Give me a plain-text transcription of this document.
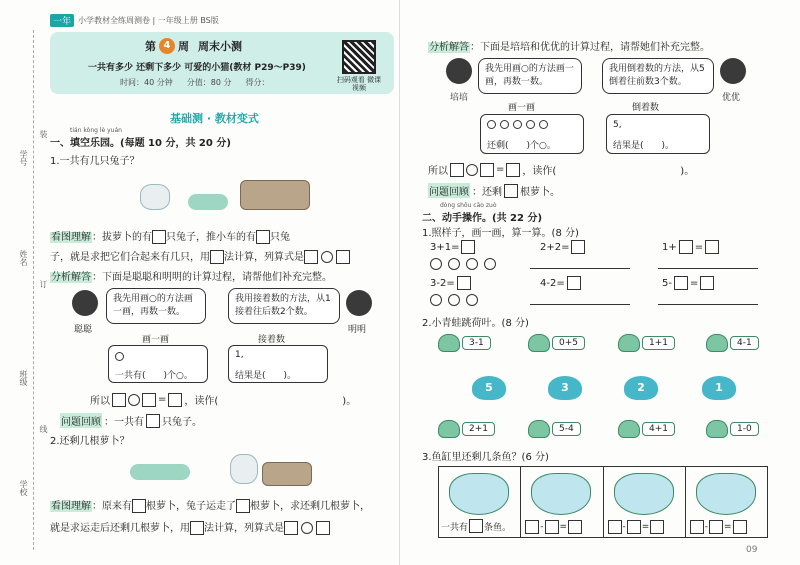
学号
姓名
班级
学校
装
订
线
一年 小学教材全练周测卷 | 一年级上册 BS版
第 4 周 周末小测
一共有多少 还剩下多少 可爱的小猫(教材 P29～P39)
时间：40 分钟 分值：80 分 得分：	扫码观看 微课视频
基础测 · 教材变式
tián kòng lè yuán
一、填空乐园。(每题 10 分，共 20 分)
1.一共有几只兔子？
看图理解：拔萝卜的有 只兔子，推小车的有 只兔
子，就是求把它们合起来有几只，用 法计算，列算式是
分析解答：下面是聪聪和明明的计算过程，请帮他们补充完整。
聪聪
我先用画○的方法画一画，再数一数。
我用接着数的方法，从1接着往后数2个数。
明明
画一画	接着数
一共有(　　)个○。
1,
结果是(　　)。
所以	= ，读作(	)。
问题回顾 ：一共有 只兔子。
2.还剩几根萝卜？
看图理解：原来有 根萝卜，兔子运走了 根萝卜，求还剩几根萝卜，
就是求运走后还剩几根萝卜，用 法计算，列算式是
分析解答：下面是培培和优优的计算过程，请帮她们补充完整。
培培
我先用画○的方法画一画，再数一数。
我用倒着数的方法，从5倒着往前数3个数。
优优
画一画	倒着数
还剩(　　)个○。
5,
结果是(　　)。
所以	= ，读作(	)。
问题回顾 ：还剩 根萝卜。
dòng shǒu cāo zuò
二、动手操作。(共 22 分)
1.照样子，画一画，算一算。(8 分)
3+1=	2+2=	1+ =
3-2=	4-2=	5- =
2.小青蛙跳荷叶。(8 分)
3-1	0+5	1+1	4-1
5	3	2	1
2+1	5-4	4+1	1-0
3.鱼缸里还剩几条鱼？(6 分)
一共有 条鱼。	- =	- =	- =
09
